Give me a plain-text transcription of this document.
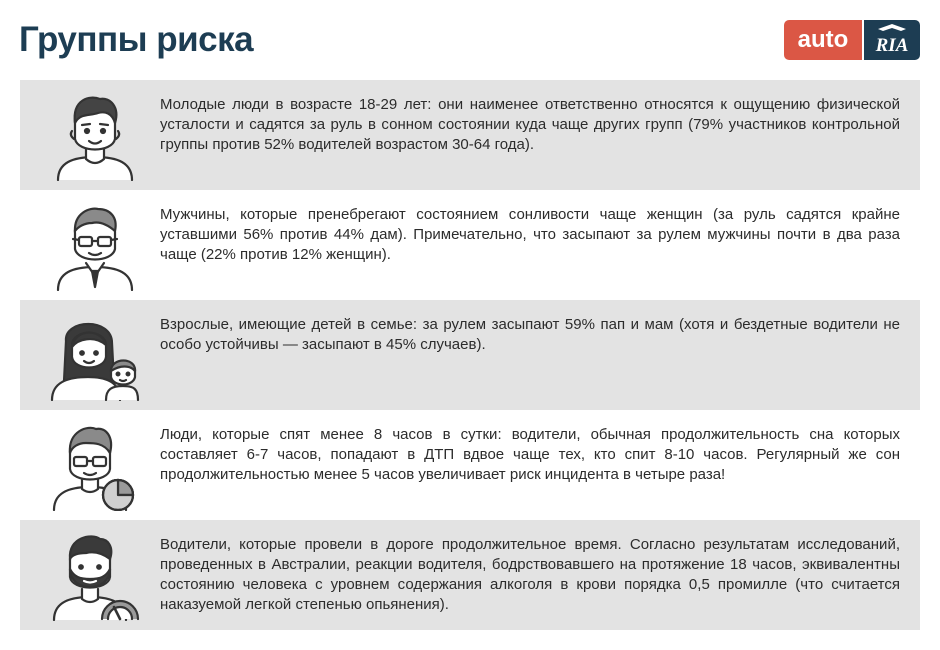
Группы риска	auto	RIA
Молодые люди в возрасте 18-29 лет: они наименее ответственно относятся к ощущению физической усталости и садятся за руль в сонном состоянии куда чаще других групп (79% участников контрольной группы против 52% водителей возрастом 30-64 года).
Мужчины, которые пренебрегают состоянием сонливости чаще женщин (за руль садятся крайне уставшими 56% против 44% дам). Примечательно, что засыпают за рулем мужчины почти в два раза чаще (22% против 12% женщин).
Взрослые, имеющие детей в семье: за рулем засыпают 59% пап и мам (хотя и бездетные водители не особо устойчивы — засыпают в 45% случаев).
Люди, которые спят менее 8 часов в сутки: водители, обычная продолжительность сна которых составляет 6-7 часов, попадают в ДТП вдвое чаще тех, кто спит 8-10 часов. Регулярный же сон продолжительностью менее 5 часов увеличивает риск инцидента в четыре раза!
Водители, которые провели в дороге продолжительное время. Согласно результатам исследований, проведенных в Австралии, реакции водителя, бодрствовавшего на протяжение 18 часов, эквивалентны состоянию человека с уровнем содержания алкоголя в крови порядка 0,5 промилле (что считается наказуемой легкой степенью опьянения).
